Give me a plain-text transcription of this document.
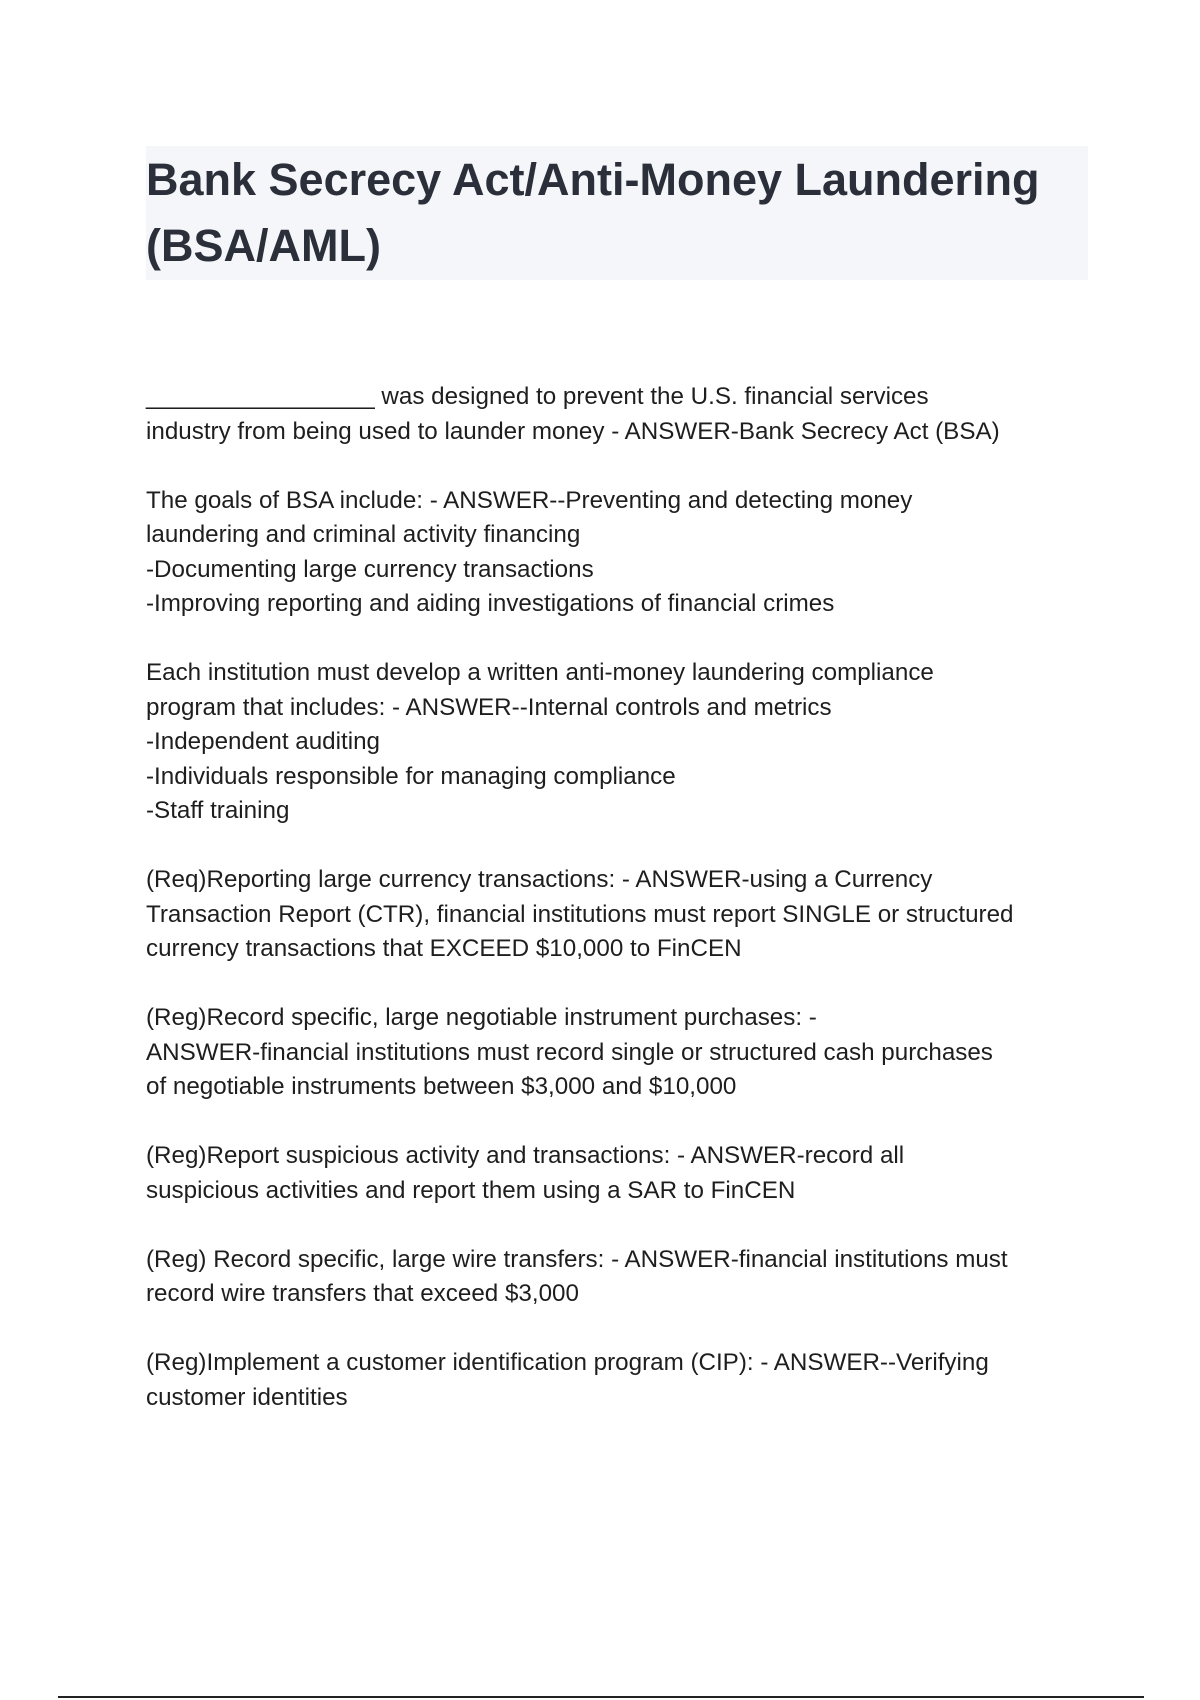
Bank Secrecy Act/Anti-Money Laundering (BSA/AML)

_________________ was designed to prevent the U.S. financial services
industry from being used to launder money - ANSWER-Bank Secrecy Act (BSA)

The goals of BSA include: - ANSWER--Preventing and detecting money
laundering and criminal activity financing
-Documenting large currency transactions
-Improving reporting and aiding investigations of financial crimes

Each institution must develop a written anti-money laundering compliance
program that includes: - ANSWER--Internal controls and metrics
-Independent auditing
-Individuals responsible for managing compliance
-Staff training

(Req)Reporting large currency transactions: - ANSWER-using a Currency
Transaction Report (CTR), financial institutions must report SINGLE or structured
currency transactions that EXCEED $10,000 to FinCEN

(Reg)Record specific, large negotiable instrument purchases: -
ANSWER-financial institutions must record single or structured cash purchases
of negotiable instruments between $3,000 and $10,000

(Reg)Report suspicious activity and transactions: - ANSWER-record all
suspicious activities and report them using a SAR to FinCEN

(Reg) Record specific, large wire transfers: - ANSWER-financial institutions must
record wire transfers that exceed $3,000

(Reg)Implement a customer identification program (CIP): - ANSWER--Verifying
customer identities
